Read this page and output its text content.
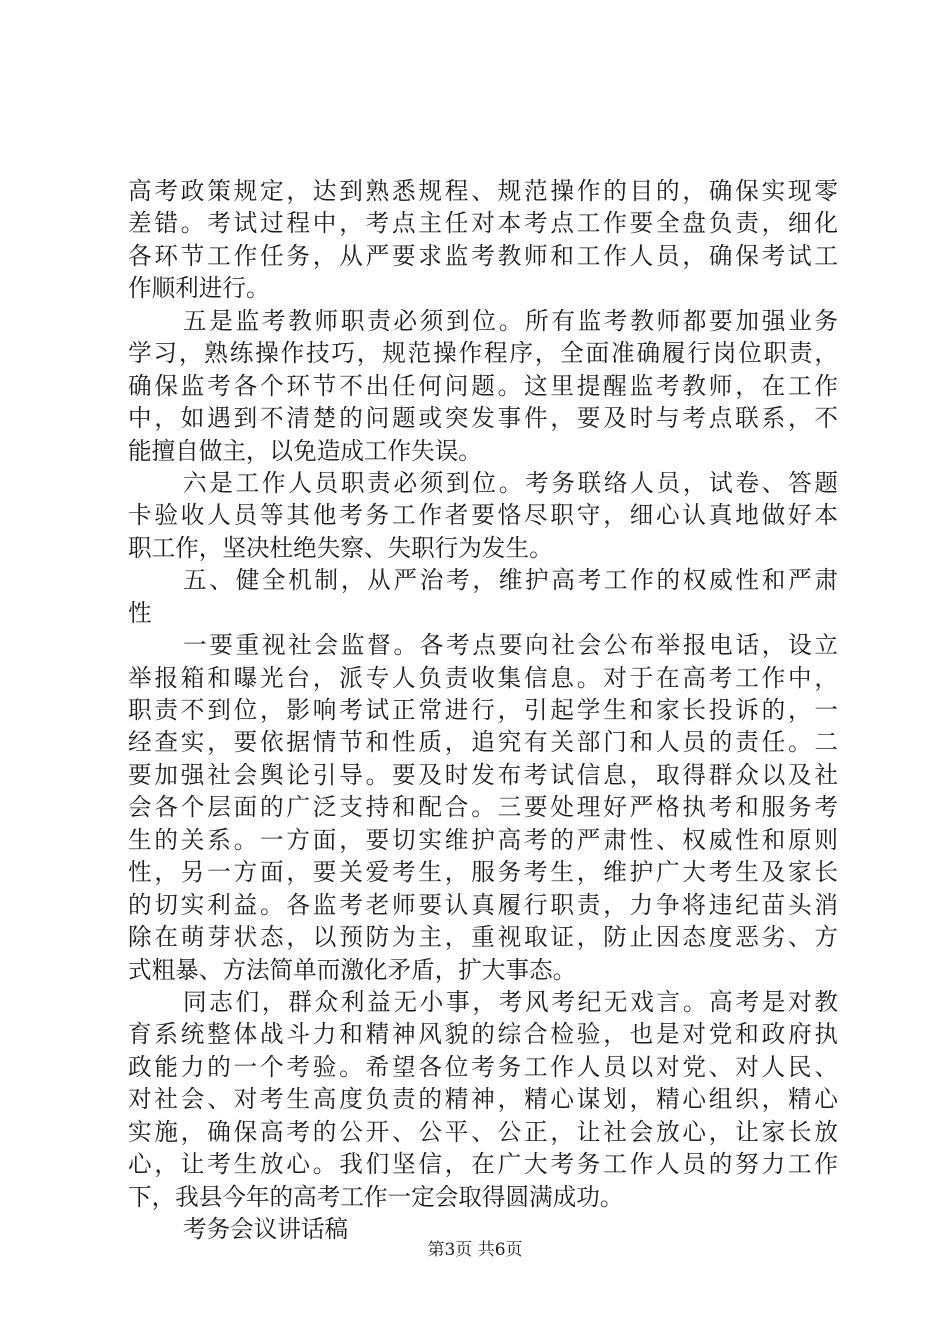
高考政策规定，达到熟悉规程、规范操作的目的，确保实现零
差错。考试过程中，考点主任对本考点工作要全盘负责，细化
各环节工作任务，从严要求监考教师和工作人员，确保考试工
作顺利进行。
五是监考教师职责必须到位。所有监考教师都要加强业务
学习，熟练操作技巧，规范操作程序，全面准确履行岗位职责，
确保监考各个环节不出任何问题。这里提醒监考教师，在工作
中，如遇到不清楚的问题或突发事件，要及时与考点联系，不
能擅自做主，以免造成工作失误。
六是工作人员职责必须到位。考务联络人员，试卷、答题
卡验收人员等其他考务工作者要恪尽职守，细心认真地做好本
职工作，坚决杜绝失察、失职行为发生。
五、健全机制，从严治考，维护高考工作的权威性和严肃
性
一要重视社会监督。各考点要向社会公布举报电话，设立
举报箱和曝光台，派专人负责收集信息。对于在高考工作中，
职责不到位，影响考试正常进行，引起学生和家长投诉的，一
经查实，要依据情节和性质，追究有关部门和人员的责任。二
要加强社会舆论引导。要及时发布考试信息，取得群众以及社
会各个层面的广泛支持和配合。三要处理好严格执考和服务考
生的关系。一方面，要切实维护高考的严肃性、权威性和原则
性，另一方面，要关爱考生，服务考生，维护广大考生及家长
的切实利益。各监考老师要认真履行职责，力争将违纪苗头消
除在萌芽状态，以预防为主，重视取证，防止因态度恶劣、方
式粗暴、方法简单而激化矛盾，扩大事态。
同志们，群众利益无小事，考风考纪无戏言。高考是对教
育系统整体战斗力和精神风貌的综合检验，也是对党和政府执
政能力的一个考验。希望各位考务工作人员以对党、对人民、
对社会、对考生高度负责的精神，精心谋划，精心组织，精心
实施，确保高考的公开、公平、公正，让社会放心，让家长放
心，让考生放心。我们坚信，在广大考务工作人员的努力工作
下，我县今年的高考工作一定会取得圆满成功。
考务会议讲话稿
第3页 共6页
